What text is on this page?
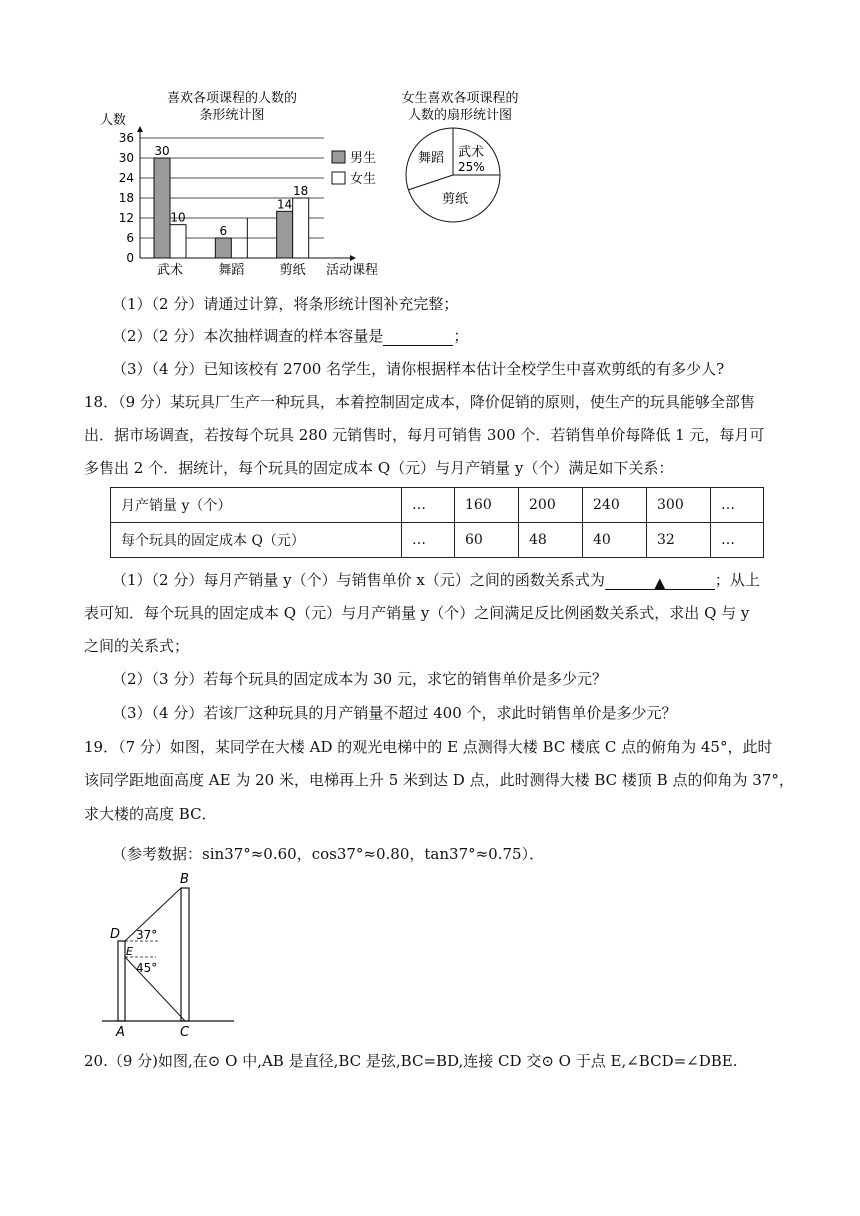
喜欢各项课程的人数的
条形统计图
人数
0
6
12
18
24
30
36
30
10
6
14
18
武术	舞蹈	剪纸 活动课程
男生
女生
女生喜欢各项课程的
人数的扇形统计图
武术
25%
舞蹈
剪纸
（1）（2 分）请通过计算，将条形统计图补充完整；
（2）（2 分）本次抽样调查的样本容量是	；
（3）（4 分）已知该校有 2700 名学生，请你根据样本估计全校学生中喜欢剪纸的有多少人?
18．（9 分）某玩具厂生产一种玩具，本着控制固定成本，降价促销的原则，使生产的玩具能够全部售
出．据市场调查，若按每个玩具 280 元销售时，每月可销售 300 个．若销售单价每降低 1 元，每月可
多售出 2 个．据统计，每个玩具的固定成本 Q（元）与月产销量 y（个）满足如下关系：
月产销量 y（个）	…	160	200	240	300	…
每个玩具的固定成本 Q（元）	…	60	48	40	32	…
（1）（2 分）每月产销量 y（个）与销售单价 x（元）之间的函数关系式为	▲	；从上
表可知．每个玩具的固定成本 Q（元）与月产销量 y（个）之间满足反比例函数关系式，求出 Q 与 y
之间的关系式；
（2）（3 分）若每个玩具的固定成本为 30 元，求它的销售单价是多少元？
（3）（4 分）若该厂这种玩具的月产销量不超过 400 个，求此时销售单价是多少元？
19．（7 分）如图，某同学在大楼 AD 的观光电梯中的 E 点测得大楼 BC 楼底 C 点的俯角为 45°，此时
该同学距地面高度 AE 为 20 米，电梯再上升 5 米到达 D 点，此时测得大楼 BC 楼顶 B 点的仰角为 37°，
求大楼的高度 BC．
（参考数据：sin37°≈0.60，cos37°≈0.80，tan37°≈0.75）．
B
D
E
A	C
37°
45°
20.（9 分)如图,在⊙ O 中,AB 是直径,BC 是弦,BC=BD,连接 CD 交⊙ O 于点 E,∠BCD=∠DBE.
